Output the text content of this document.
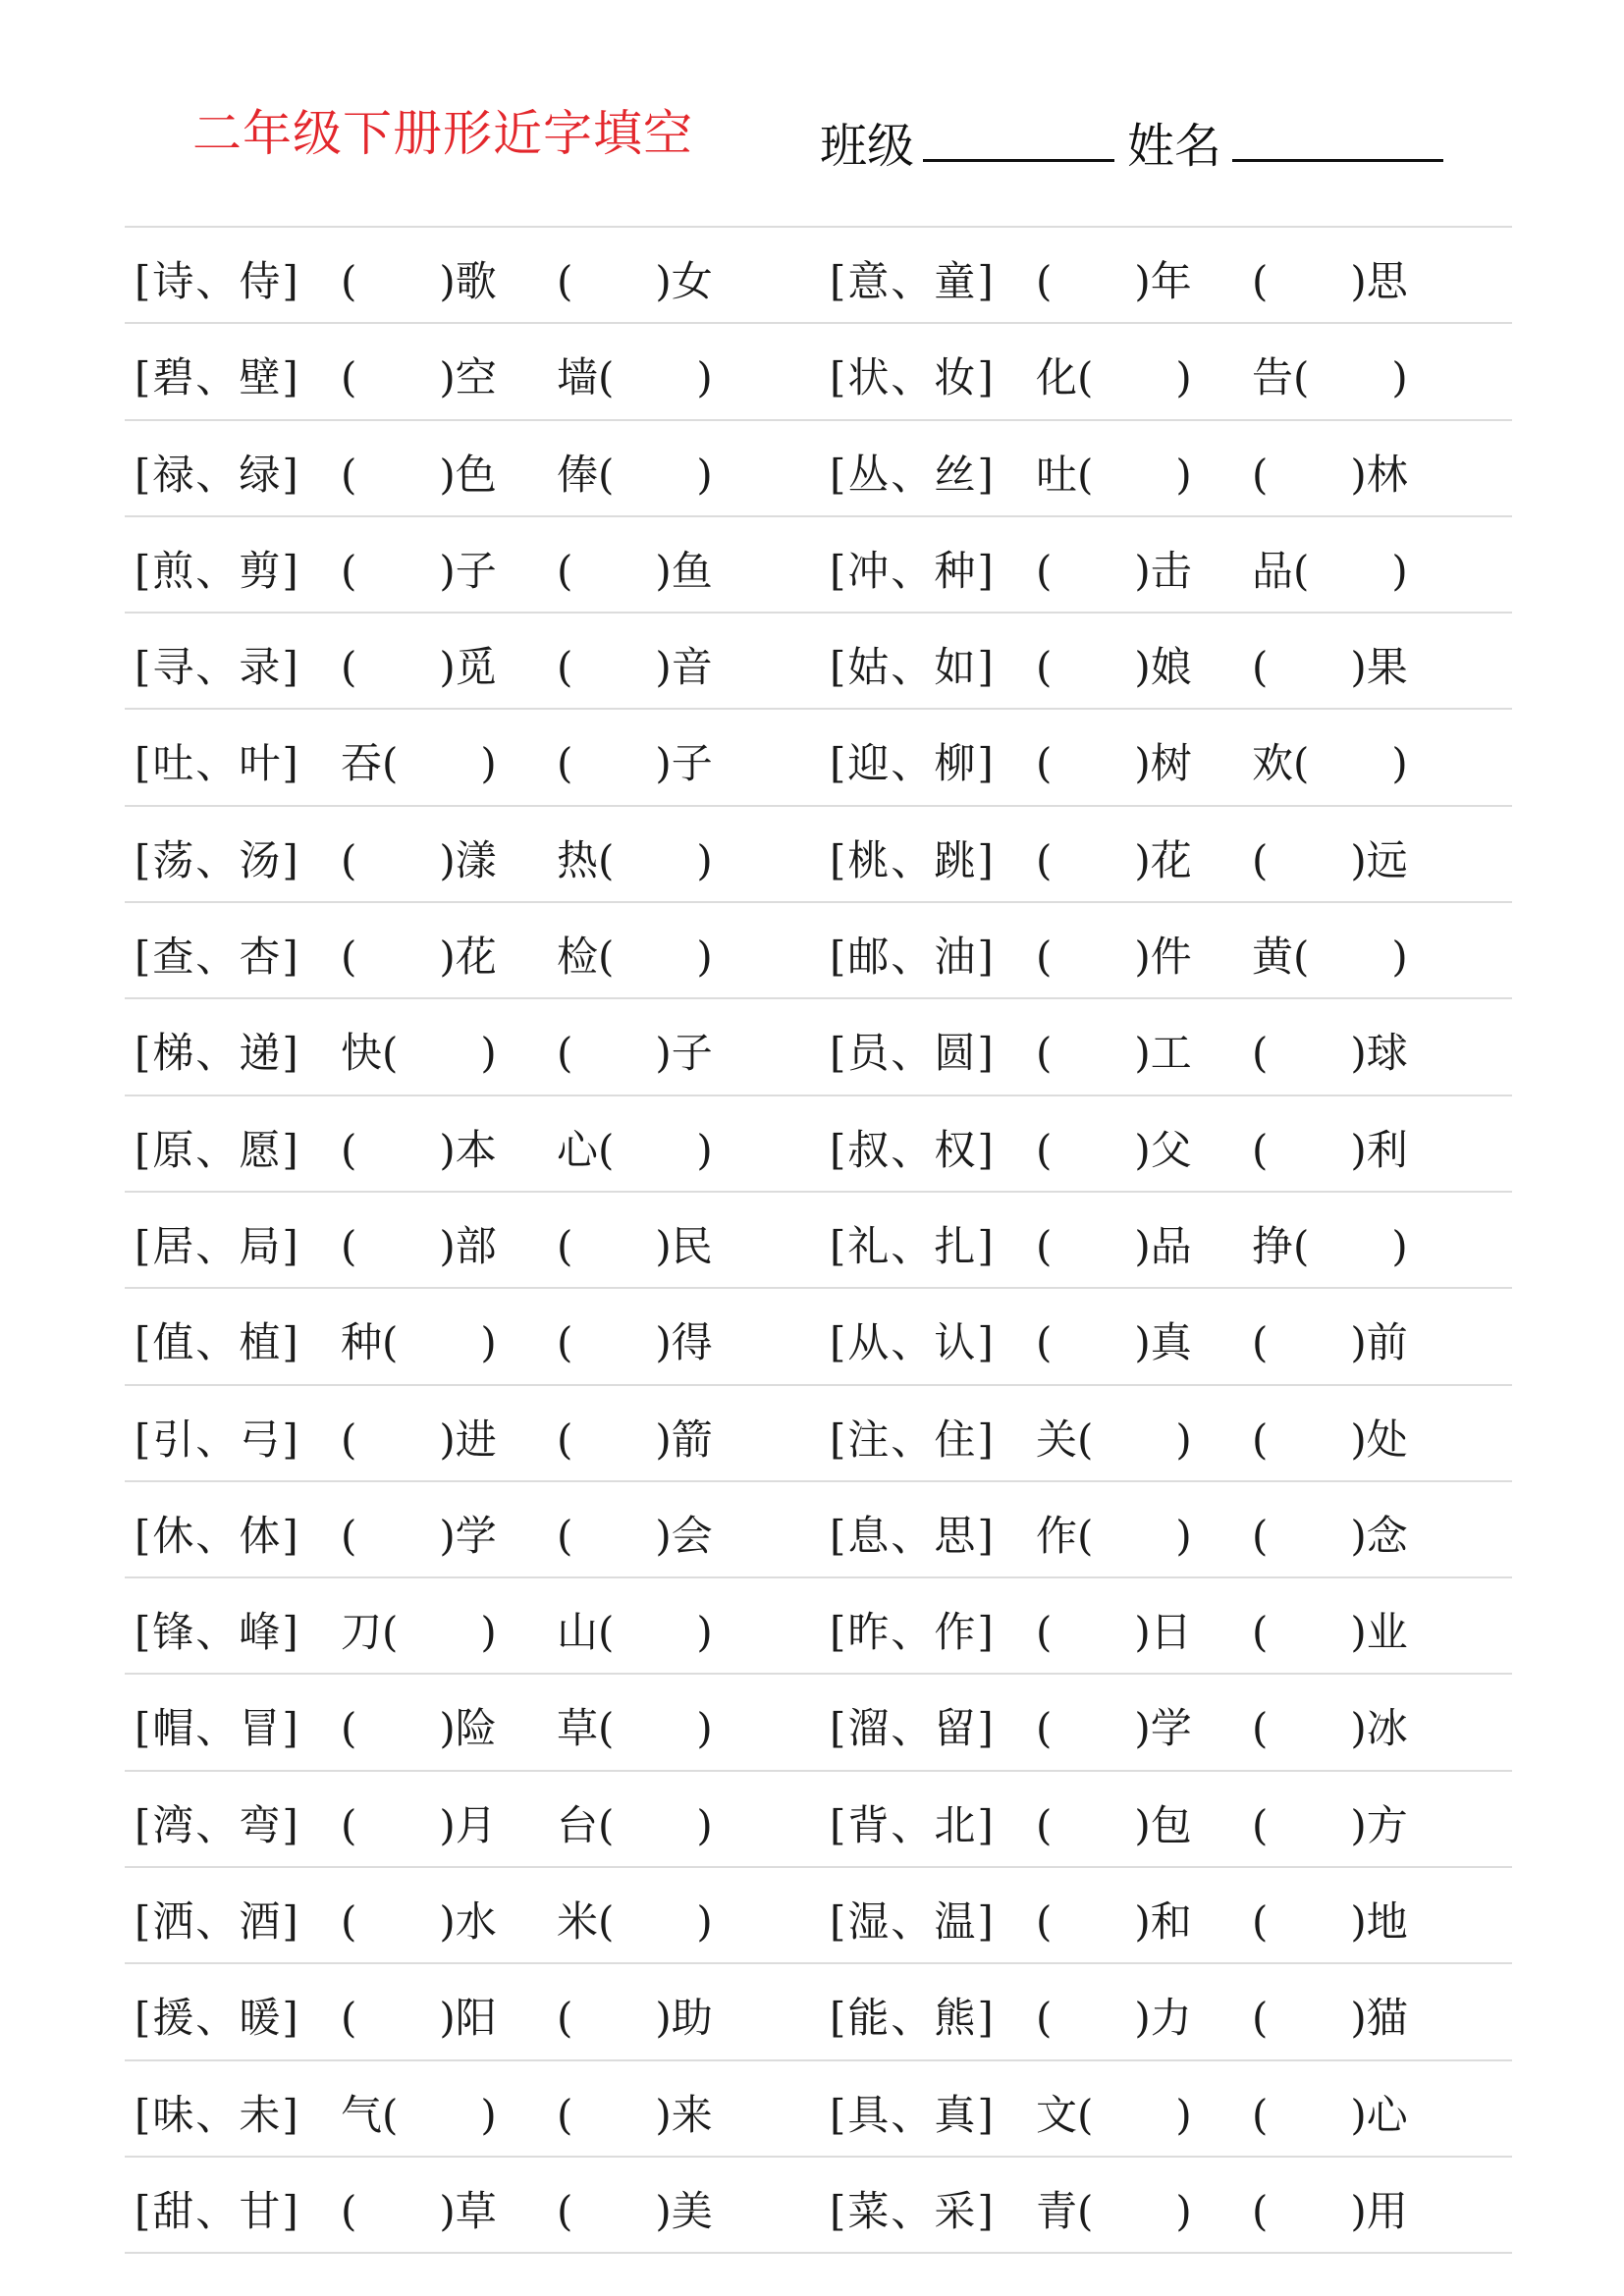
二年级下册形近字填空	班级	姓名
[诗、侍] (　　)歌 (　　)女	[意、童] (　　)年 (　　)思
[碧、壁] (　　)空 墙(　　)	[状、妆] 化(　　) 告(　　)
[禄、绿] (　　)色 俸(　　)	[丛、丝] 吐(　　) (　　)林
[煎、剪] (　　)子 (　　)鱼	[冲、种] (　　)击 品(　　)
[寻、录] (　　)觅 (　　)音	[姑、如] (　　)娘 (　　)果
[吐、叶] 吞(　　) (　　)子	[迎、柳] (　　)树 欢(　　)
[荡、汤] (　　)漾 热(　　)	[桃、跳] (　　)花 (　　)远
[查、杏] (　　)花 检(　　)	[邮、油] (　　)件 黄(　　)
[梯、递] 快(　　) (　　)子	[员、圆] (　　)工 (　　)球
[原、愿] (　　)本 心(　　)	[叔、权] (　　)父 (　　)利
[居、局] (　　)部 (　　)民	[礼、扎] (　　)品 挣(　　)
[值、植] 种(　　) (　　)得	[从、认] (　　)真 (　　)前
[引、弓] (　　)进 (　　)箭	[注、住] 关(　　) (　　)处
[休、体] (　　)学 (　　)会	[息、思] 作(　　) (　　)念
[锋、峰] 刀(　　) 山(　　)	[昨、作] (　　)日 (　　)业
[帽、冒] (　　)险 草(　　)	[溜、留] (　　)学 (　　)冰
[湾、弯] (　　)月 台(　　)	[背、北] (　　)包 (　　)方
[洒、酒] (　　)水 米(　　)	[湿、温] (　　)和 (　　)地
[援、暖] (　　)阳 (　　)助	[能、熊] (　　)力 (　　)猫
[味、未] 气(　　) (　　)来	[具、真] 文(　　) (　　)心
[甜、甘] (　　)草 (　　)美	[菜、采] 青(　　) (　　)用
